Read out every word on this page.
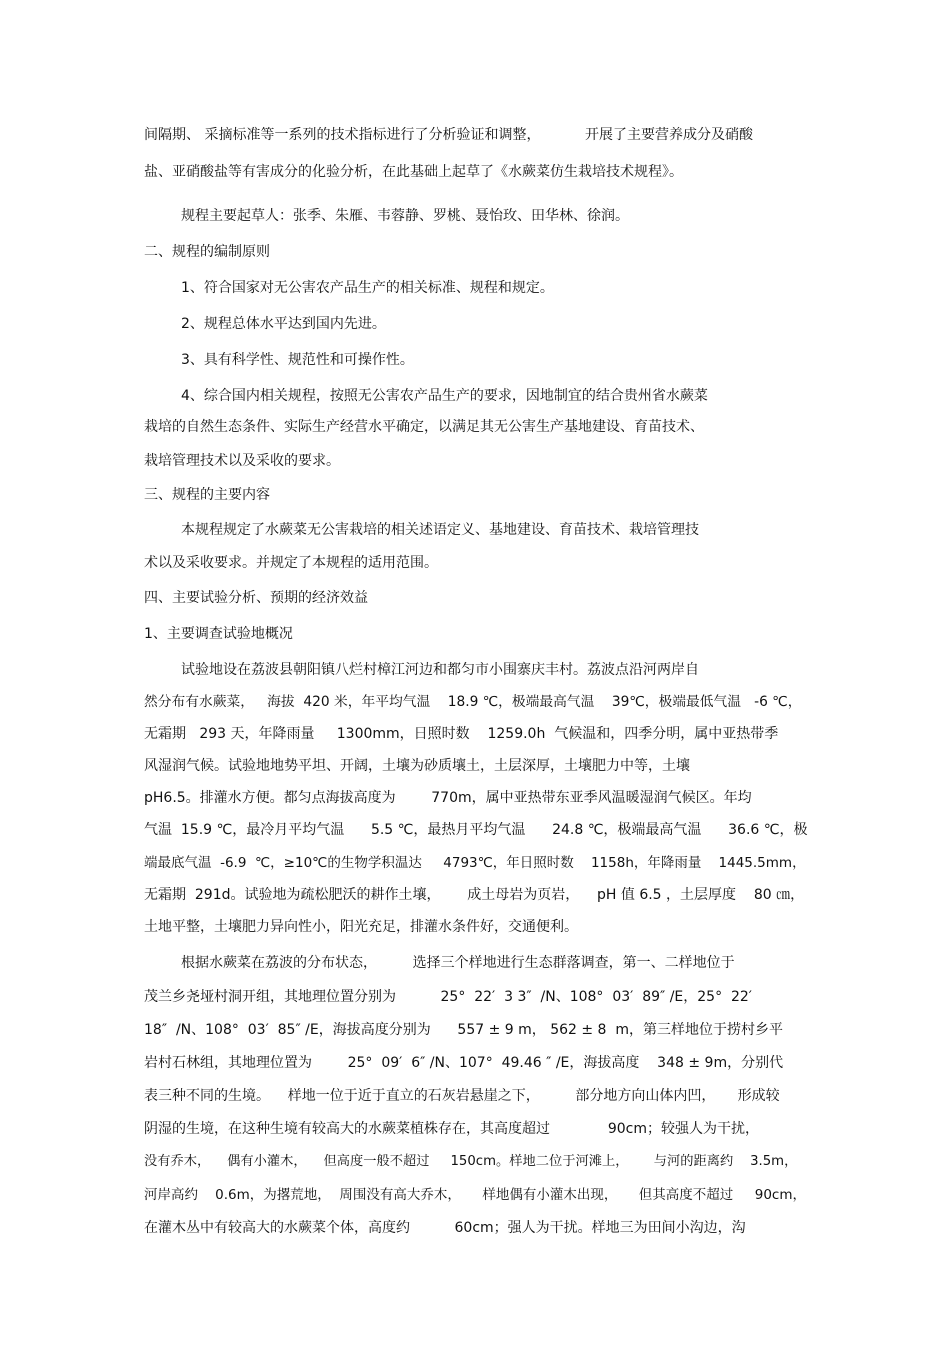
间隔期、 采摘标准等一系列的技术指标进行了分析验证和调整，          开展了主要营养成分及硝酸
盐、亚硝酸盐等有害成分的化验分析，在此基础上起草了《水蕨菜仿生栽培技术规程》。
规程主要起草人：张季、朱雁、韦蓉静、罗桃、聂怡玫、田华林、徐润。
二、规程的编制原则
1、符合国家对无公害农产品生产的相关标准、规程和规定。
2、规程总体水平达到国内先进。
3、具有科学性、规范性和可操作性。
4、综合国内相关规程，按照无公害农产品生产的要求，因地制宜的结合贵州省水蕨菜
栽培的自然生态条件、实际生产经营水平确定，以满足其无公害生产基地建设、育苗技术、
栽培管理技术以及采收的要求。
三、规程的主要内容
本规程规定了水蕨菜无公害栽培的相关述语定义、基地建设、育苗技术、栽培管理技
术以及采收要求。并规定了本规程的适用范围。
四、主要试验分析、预期的经济效益
1、主要调查试验地概况
试验地设在荔波县朝阳镇八烂村樟江河边和都匀市小围寨庆丰村。荔波点沿河两岸自
然分布有水蕨菜，   海拔  420 米，年平均气温    18.9 ℃，极端最高气温    39℃，极端最低气温   -6 ℃，
无霜期   293 天，年降雨量     1300mm，日照时数    1259.0h  气候温和，四季分明，属中亚热带季
风湿润气候。试验地地势平坦、开阔，土壤为砂质壤土，土层深厚，土壤肥力中等，土壤
pH6.5。排灌水方便。都匀点海拔高度为        770m，属中亚热带东亚季风温暖湿润气候区。年均
气温  15.9 ℃，最冷月平均气温      5.5 ℃，最热月平均气温      24.8 ℃，极端最高气温      36.6 ℃，极
端最底气温  -6.9  ℃，≥10℃的生物学积温达     4793℃，年日照时数    1158h，年降雨量    1445.5mm，
无霜期  291d。试验地为疏松肥沃的耕作土壤，      成土母岩为页岩，    pH 值 6.5 ，土层厚度    80 ㎝，
土地平整，土壤肥力异向性小，阳光充足，排灌水条件好，交通便利。
根据水蕨菜在荔波的分布状态，        选择三个样地进行生态群落调查，第一、二样地位于
茂兰乡尧垭村洞开组，其地理位置分别为          25°  22′  3 3″  /N、108°  03′  89″ /E，25°  22′
18″  /N、108°  03′  85″ /E，海拔高度分别为      557 ± 9 m， 562 ± 8  m，第三样地位于捞村乡平
岩村石林组，其地理位置为        25°  09′  6″ /N、107°  49.46 ″ /E，海拔高度    348 ± 9m，分别代
表三种不同的生境。    样地一位于近于直立的石灰岩悬崖之下，        部分地方向山体内凹，     形成较
阴湿的生境，在这种生境有较高大的水蕨菜植株存在，其高度超过             90cm；较强人为干扰，
没有乔木，    偶有小灌木，    但高度一般不超过     150cm。样地二位于河滩上，      与河的距离约    3.5m，
河岸高约    0.6m，为撂荒地，  周围没有高大乔木，     样地偶有小灌木出现，     但其高度不超过     90cm，
在灌木丛中有较高大的水蕨菜个体，高度约          60cm；强人为干扰。样地三为田间小沟边，沟
